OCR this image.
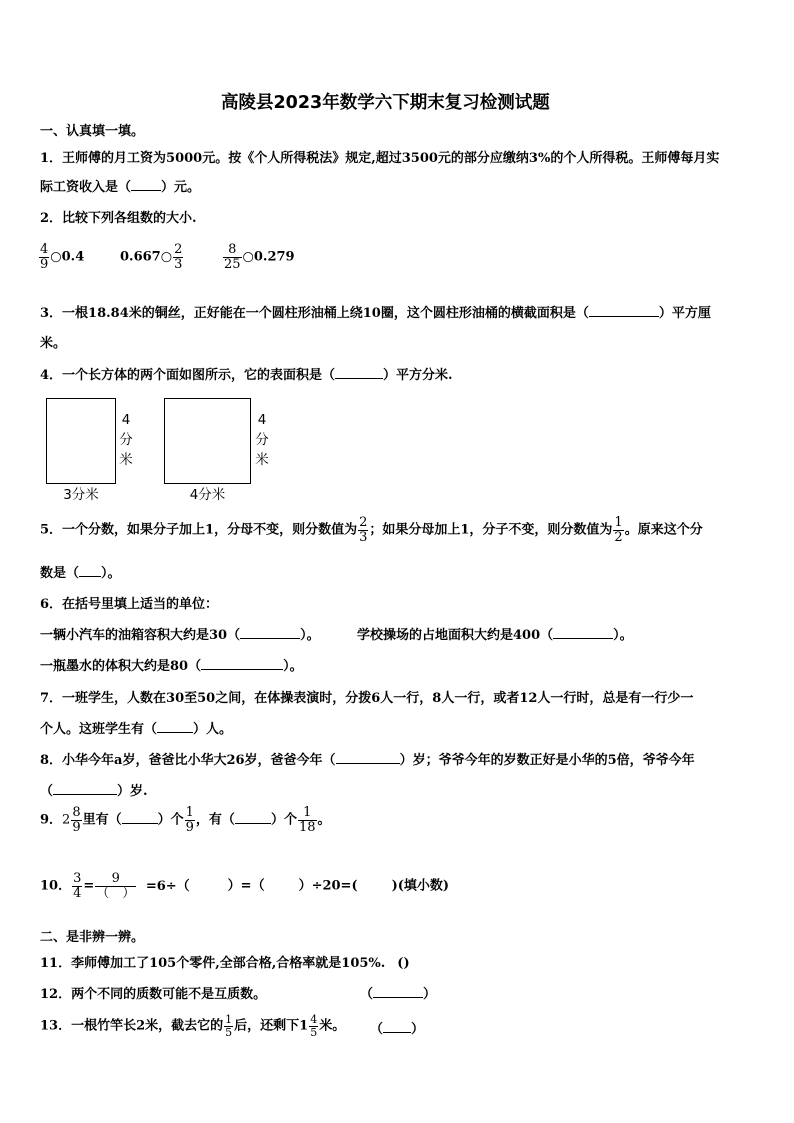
高陵县2023年数学六下期末复习检测试题
一、认真填一填。
1．王师傅的月工资为5000元。按《个人所得税法》规定,超过3500元的部分应缴纳3%的个人所得税。王师傅每月实
际工资收入是（ ）元。
2．比较下列各组数的大小.
$\frac{4}{9}$ ○0.4	0.667○ $\frac{2}{3}$	$\frac{8}{25}$ ○0.279
3．一根18.84米的铜丝，正好能在一个圆柱形油桶上绕10圈，这个圆柱形油桶的横截面积是（	）平方厘
米。
4．一个长方体的两个面如图所示，它的表面积是（	）平方分米.
4
分
米
3分米
4
分
米
4分米
5．一个分数，如果分子加上1，分母不变，则分数值为 $\frac{2}{3}$ ；如果分母加上1，分子不变，则分数值为 $\frac{1}{2}$ 。原来这个分
数是（ ）。
6．在括号里填上适当的单位：
一辆小汽车的油箱容积大约是30（	）。	学校操场的占地面积大约是400（	）。
一瓶墨水的体积大约是80（	）。
7．一班学生，人数在30至50之间，在体操表演时，分拨6人一行，8人一行，或者12人一行时，总是有一行少一
个人。这班学生有（	）人。
8．小华今年a岁，爸爸比小华大26岁，爸爸今年（	）岁；爷爷今年的岁数正好是小华的5倍，爷爷今年
（	）岁.
9．$2 \frac{8}{9}$ 里有（	）个 $\frac{1}{9}$ ，有（	）个 $\frac{1}{18}$ 。
10． $\frac{3}{4} = \frac{9}{( )} =6\div$（	）=（	）÷20=(	)(填小数)
二、是非辨一辨。
11．李师傅加工了105个零件,全部合格,合格率就是105%. ()
12．两个不同的质数可能不是互质数。	（	）
13．一根竹竿长2米，截去它的 $\frac{1}{5}$ 后，还剩下$1 \frac{4}{5}$ 米。 （ ）
